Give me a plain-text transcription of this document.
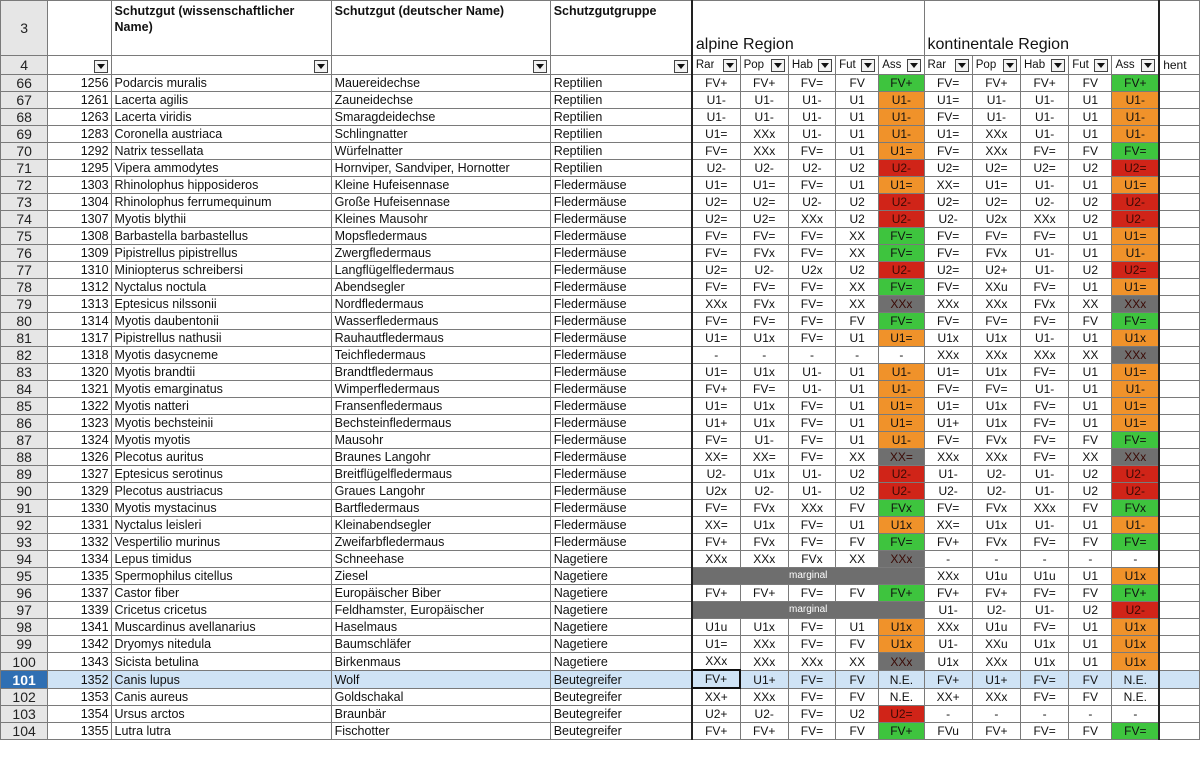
3		Schutzgut (wissenschaftlicher Name)	Schutzgut (deutscher Name)	Schutzgutgruppe	alpine Region					kontinentale Region					
4					Rar	Pop	Hab	Fut	Ass	Rar	Pop	Hab	Fut	Ass	hent
66	1256	Podarcis muralis	Mauereidechse	Reptilien	FV+	FV+	FV=	FV	FV+	FV=	FV+	FV+	FV	FV+	
67	1261	Lacerta agilis	Zauneidechse	Reptilien	U1-	U1-	U1-	U1	U1-	U1=	U1-	U1-	U1	U1-	
68	1263	Lacerta viridis	Smaragdeidechse	Reptilien	U1-	U1-	U1-	U1	U1-	FV=	U1-	U1-	U1	U1-	
69	1283	Coronella austriaca	Schlingnatter	Reptilien	U1=	XXx	U1-	U1	U1-	U1=	XXx	U1-	U1	U1-	
70	1292	Natrix tessellata	Würfelnatter	Reptilien	FV=	XXx	FV=	U1	U1=	FV=	XXx	FV=	FV	FV=	
71	1295	Vipera ammodytes	Hornviper, Sandviper, Hornotter	Reptilien	U2-	U2-	U2-	U2	U2-	U2=	U2=	U2=	U2	U2=	
72	1303	Rhinolophus hipposideros	Kleine Hufeisennase	Fledermäuse	U1=	U1=	FV=	U1	U1=	XX=	U1=	U1-	U1	U1=	
73	1304	Rhinolophus ferrumequinum	Große Hufeisennase	Fledermäuse	U2=	U2=	U2-	U2	U2-	U2=	U2=	U2-	U2	U2-	
74	1307	Myotis blythii	Kleines Mausohr	Fledermäuse	U2=	U2=	XXx	U2	U2-	U2-	U2x	XXx	U2	U2-	
75	1308	Barbastella barbastellus	Mopsfledermaus	Fledermäuse	FV=	FV=	FV=	XX	FV=	FV=	FV=	FV=	U1	U1=	
76	1309	Pipistrellus pipistrellus	Zwergfledermaus	Fledermäuse	FV=	FVx	FV=	XX	FV=	FV=	FVx	U1-	U1	U1-	
77	1310	Miniopterus schreibersi	Langflügelfledermaus	Fledermäuse	U2=	U2-	U2x	U2	U2-	U2=	U2+	U1-	U2	U2=	
78	1312	Nyctalus noctula	Abendsegler	Fledermäuse	FV=	FV=	FV=	XX	FV=	FV=	XXu	FV=	U1	U1=	
79	1313	Eptesicus nilssonii	Nordfledermaus	Fledermäuse	XXx	FVx	FV=	XX	XXx	XXx	XXx	FVx	XX	XXx	
80	1314	Myotis daubentonii	Wasserfledermaus	Fledermäuse	FV=	FV=	FV=	FV	FV=	FV=	FV=	FV=	FV	FV=	
81	1317	Pipistrellus nathusii	Rauhautfledermaus	Fledermäuse	U1=	U1x	FV=	U1	U1=	U1x	U1x	U1-	U1	U1x	
82	1318	Myotis dasycneme	Teichfledermaus	Fledermäuse	-	-	-	-	-	XXx	XXx	XXx	XX	XXx	
83	1320	Myotis brandtii	Brandtfledermaus	Fledermäuse	U1=	U1x	U1-	U1	U1-	U1=	U1x	FV=	U1	U1=	
84	1321	Myotis emarginatus	Wimperfledermaus	Fledermäuse	FV+	FV=	U1-	U1	U1-	FV=	FV=	U1-	U1	U1-	
85	1322	Myotis natteri	Fransenfledermaus	Fledermäuse	U1=	U1x	FV=	U1	U1=	U1=	U1x	FV=	U1	U1=	
86	1323	Myotis bechsteinii	Bechsteinfledermaus	Fledermäuse	U1+	U1x	FV=	U1	U1=	U1+	U1x	FV=	U1	U1=	
87	1324	Myotis myotis	Mausohr	Fledermäuse	FV=	U1-	FV=	U1	U1-	FV=	FVx	FV=	FV	FV=	
88	1326	Plecotus auritus	Braunes Langohr	Fledermäuse	XX=	XX=	FV=	XX	XX=	XXx	XXx	FV=	XX	XXx	
89	1327	Eptesicus serotinus	Breitflügelfledermaus	Fledermäuse	U2-	U1x	U1-	U2	U2-	U1-	U2-	U1-	U2	U2-	
90	1329	Plecotus austriacus	Graues Langohr	Fledermäuse	U2x	U2-	U1-	U2	U2-	U2-	U2-	U1-	U2	U2-	
91	1330	Myotis mystacinus	Bartfledermaus	Fledermäuse	FV=	FVx	XXx	FV	FVx	FV=	FVx	XXx	FV	FVx	
92	1331	Nyctalus leisleri	Kleinabendsegler	Fledermäuse	XX=	U1x	FV=	U1	U1x	XX=	U1x	U1-	U1	U1-	
93	1332	Vespertilio murinus	Zweifarbfledermaus	Fledermäuse	FV+	FVx	FV=	FV	FV=	FV+	FVx	FV=	FV	FV=	
94	1334	Lepus timidus	Schneehase	Nagetiere	XXx	XXx	FVx	XX	XXx	-	-	-	-	-	
95	1335	Spermophilus citellus	Ziesel	Nagetiere	marginal					XXx	U1u	U1u	U1	U1x	
96	1337	Castor fiber	Europäischer Biber	Nagetiere	FV+	FV+	FV=	FV	FV+	FV+	FV+	FV=	FV	FV+	
97	1339	Cricetus cricetus	Feldhamster, Europäischer	Nagetiere	marginal					U1-	U2-	U1-	U2	U2-	
98	1341	Muscardinus avellanarius	Haselmaus	Nagetiere	U1u	U1x	FV=	U1	U1x	XXx	U1u	FV=	U1	U1x	
99	1342	Dryomys nitedula	Baumschläfer	Nagetiere	U1=	XXx	FV=	FV	U1x	U1-	XXu	U1x	U1	U1x	
100	1343	Sicista betulina	Birkenmaus	Nagetiere	XXx	XXx	XXx	XX	XXx	U1x	XXx	U1x	U1	U1x	
101	1352	Canis lupus	Wolf	Beutegreifer	FV+	U1+	FV=	FV	N.E.	FV+	U1+	FV=	FV	N.E.	
102	1353	Canis aureus	Goldschakal	Beutegreifer	XX+	XXx	FV=	FV	N.E.	XX+	XXx	FV=	FV	N.E.	
103	1354	Ursus arctos	Braunbär	Beutegreifer	U2+	U2-	FV=	U2	U2=	-	-	-	-	-	
104	1355	Lutra lutra	Fischotter	Beutegreifer	FV+	FV+	FV=	FV	FV+	FVu	FV+	FV=	FV	FV=	
